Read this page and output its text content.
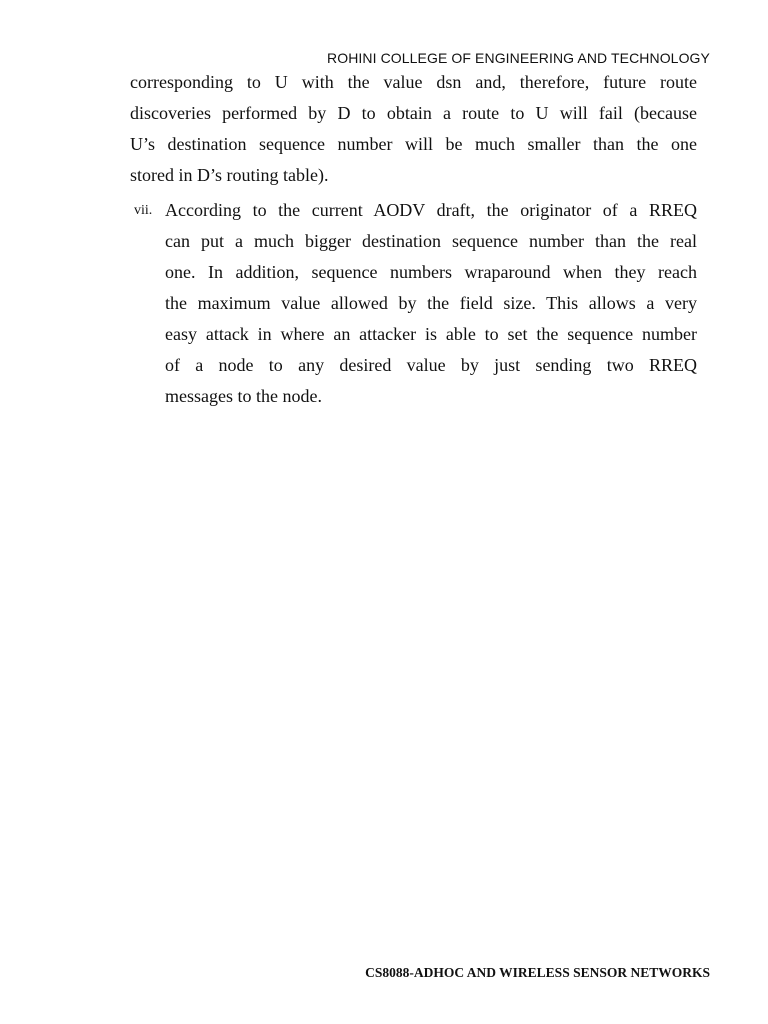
ROHINI COLLEGE OF ENGINEERING AND TECHNOLOGY
corresponding to U with the value dsn and, therefore, future route
discoveries performed by D to obtain a route to U will fail (because
U’s destination sequence number will be much smaller than the one
stored in D’s routing table).
vii. According to the current AODV draft, the originator of a RREQ
can put a much bigger destination sequence number than the real
one. In addition, sequence numbers wraparound when they reach
the maximum value allowed by the field size. This allows a very
easy attack in where an attacker is able to set the sequence number
of a node to any desired value by just sending two RREQ
messages to the node.
CS8088-ADHOC AND WIRELESS SENSOR NETWORKS
